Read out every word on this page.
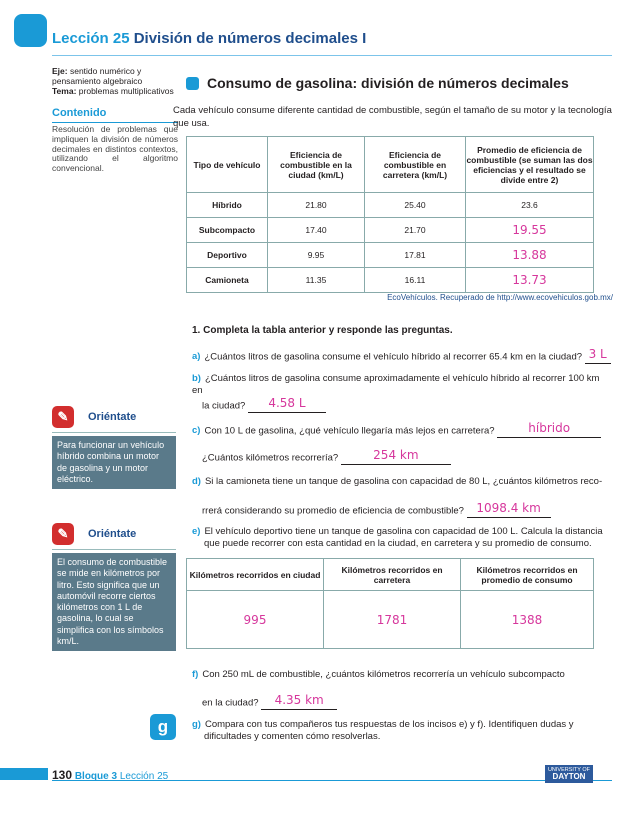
Lección 25 División de números decimales I
Eje: sentido numérico y pensamiento algebraico
Tema: problemas multiplicativos
Contenido
Resolución de problemas que impliquen la división de números decimales en distintos contextos, utilizando el algoritmo convencional.
✎	Oriéntate
Para funcionar un vehículo híbrido combina un motor de gasolina y un motor eléctrico.
✎	Oriéntate
El consumo de combustible se mide en kilómetros por litro. Esto significa que un automóvil recorre ciertos kilómetros con 1 L de gasolina, lo cual se simplifica con los símbolos km/L.
Consumo de gasolina: división de números decimales
Cada vehículo consume diferente cantidad de combustible, según el tamaño de su motor y la tecnología que usa.
Tipo de vehículo	Eficiencia de combustible en la ciudad (km/L)	Eficiencia de combustible en carretera (km/L)	Promedio de eficiencia de combustible (se suman las dos eficiencias y el resultado se divide entre 2)
Híbrido	21.80	25.40	23.6
Subcompacto	17.40	21.70	19.55
Deportivo	9.95	17.81	13.88
Camioneta	11.35	16.11	13.73
EcoVehículos. Recuperado de http://www.ecovehiculos.gob.mx/
1. Completa la tabla anterior y responde las preguntas.
a) ¿Cuántos litros de gasolina consume el vehículo híbrido al recorrer 65.4 km en la ciudad? 3 L
b) ¿Cuántos litros de gasolina consume aproximadamente el vehículo híbrido al recorrer 100 km en
la ciudad? 4.58 L
c) Con 10 L de gasolina, ¿qué vehículo llegaría más lejos en carretera?	híbrido
¿Cuántos kilómetros recorrería?	254 km
d) Si la camioneta tiene un tanque de gasolina con capacidad de 80 L, ¿cuántos kilómetros reco-
rrerá considerando su promedio de eficiencia de combustible? 1098.4 km
e) El vehículo deportivo tiene un tanque de gasolina con capacidad de 100 L. Calcula la distancia que puede recorrer con esta cantidad en la ciudad, en carretera y su promedio de consumo.
Kilómetros recorridos en ciudad	Kilómetros recorridos en carretera	Kilómetros recorridos en promedio de consumo
995	1781	1388
f) Con 250 mL de combustible, ¿cuántos kilómetros recorrería un vehículo subcompacto
en la ciudad? 4.35 km
g	g) Compara con tus compañeros tus respuestas de los incisos e) y f). Identifiquen dudas y dificultades y comenten cómo resolverlas.
130 Bloque 3 Lección 25
UNIVERSITY OF
DAYTON
